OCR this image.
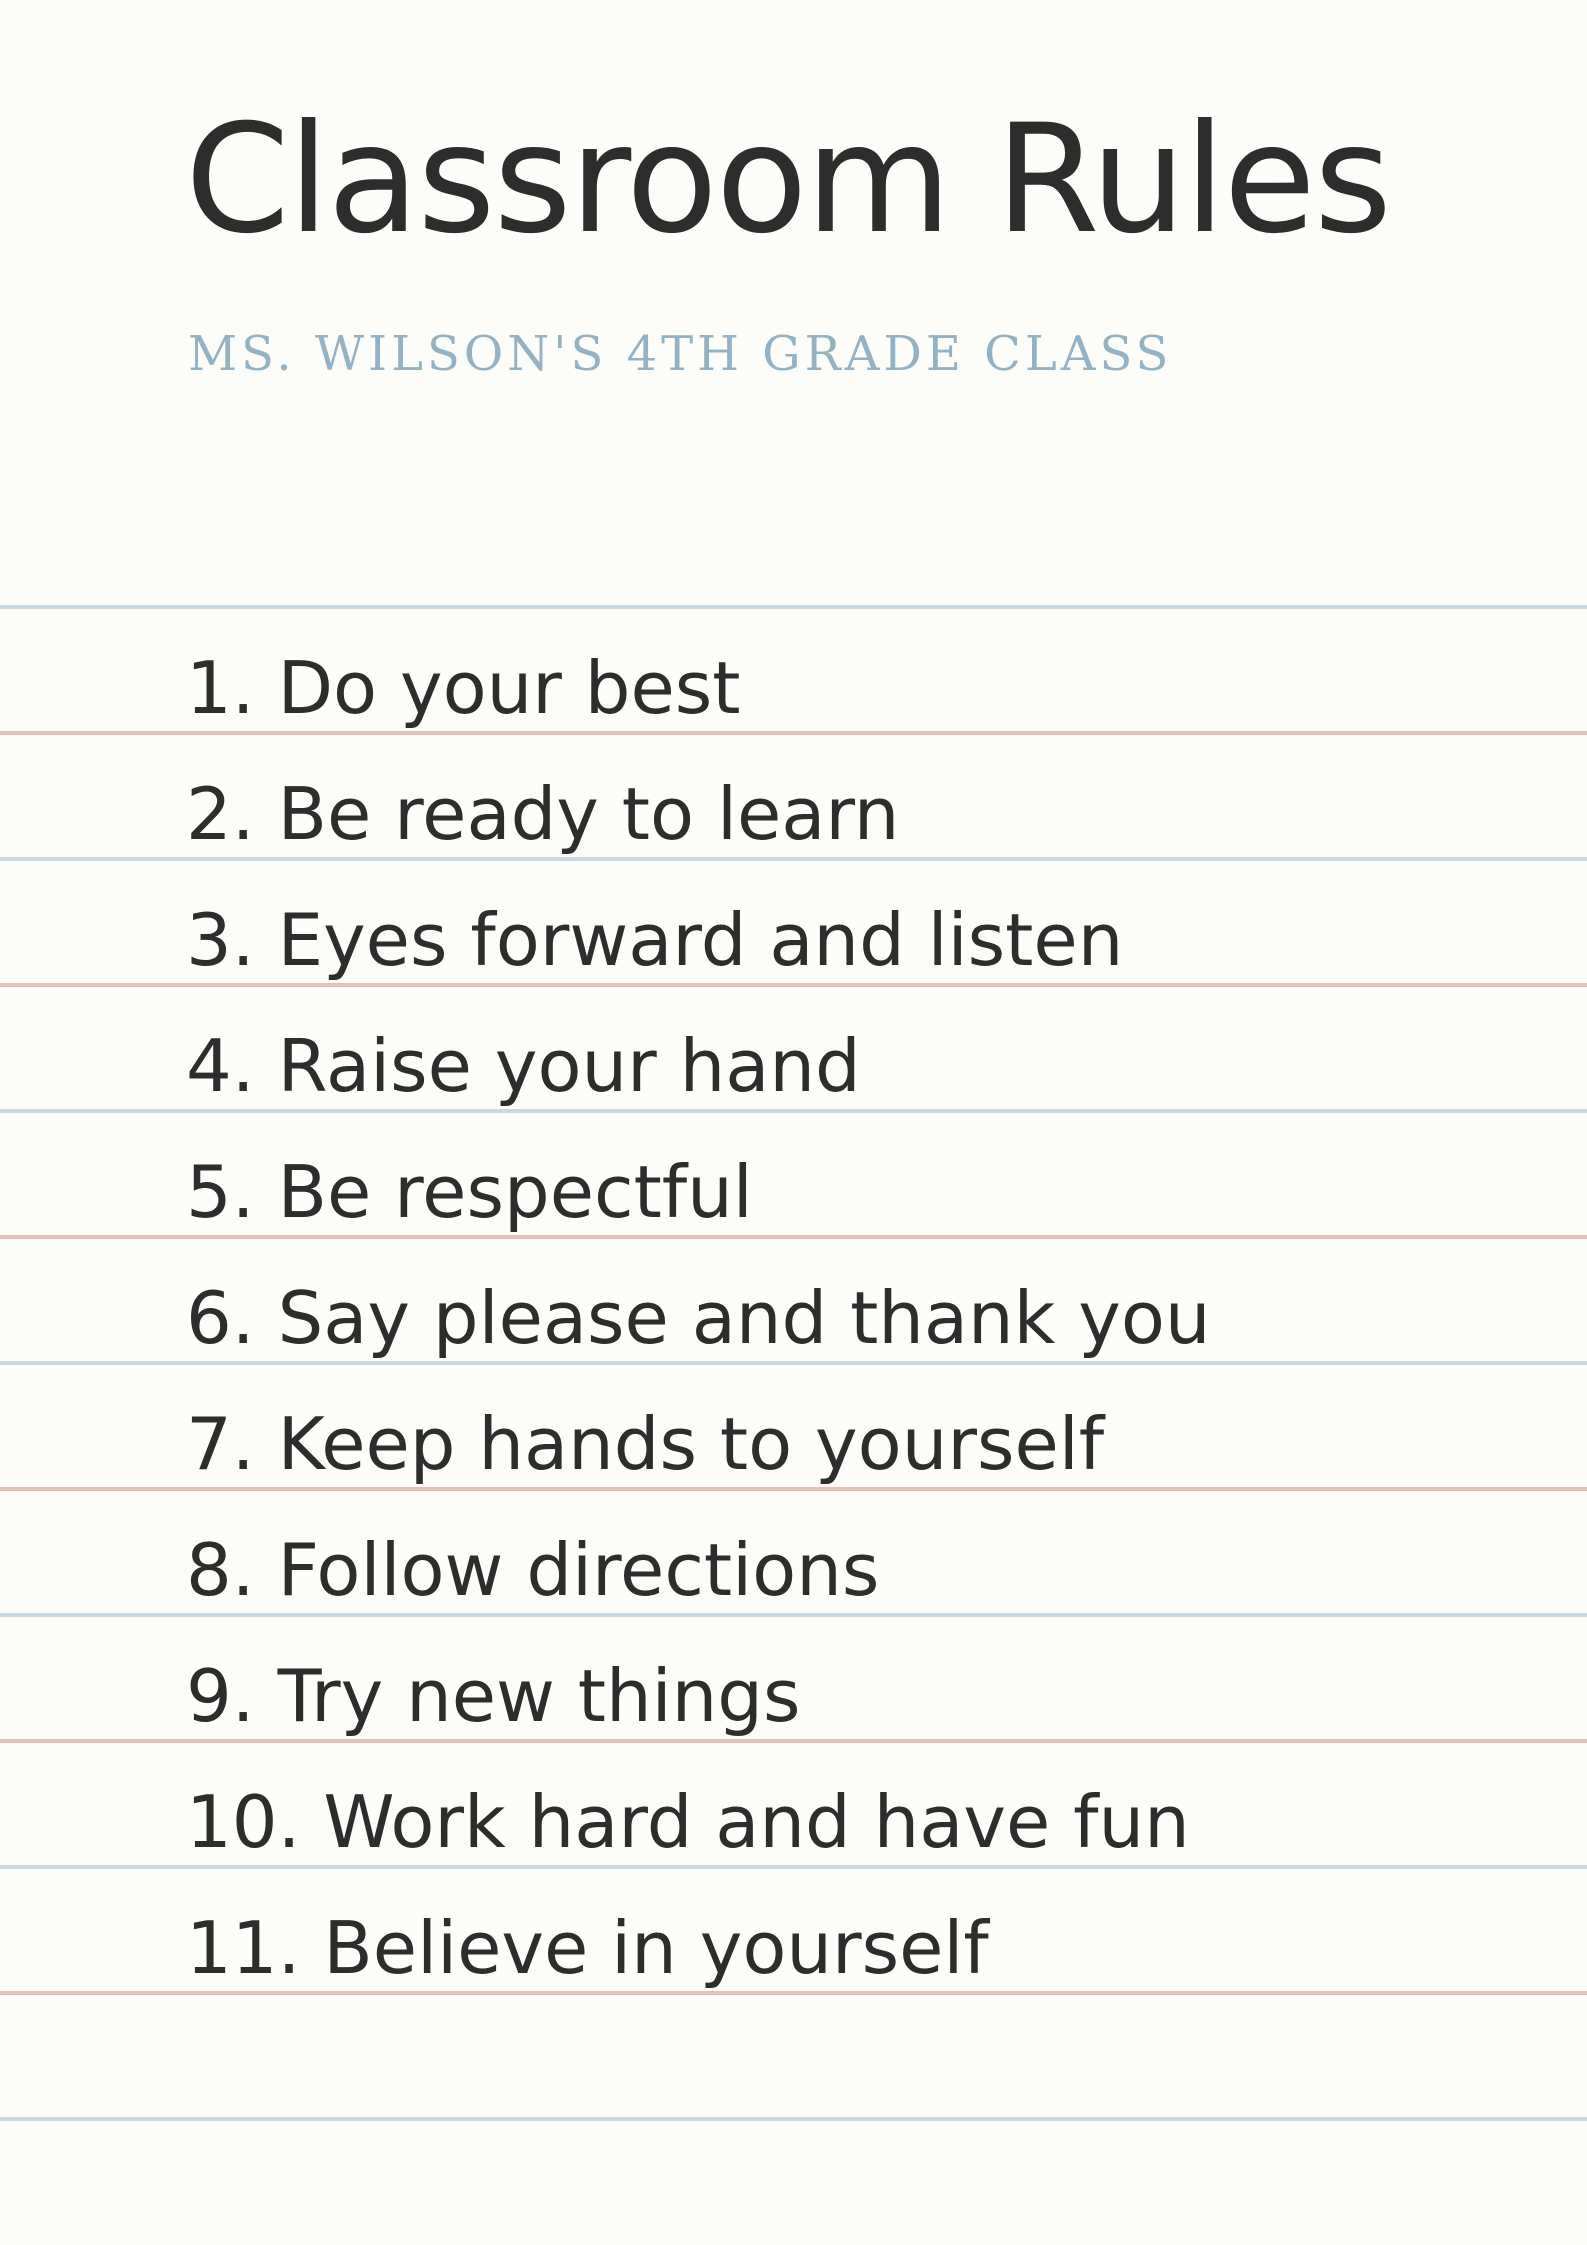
Classroom Rules

MS. WILSON'S 4TH GRADE CLASS

1. Do your best
2. Be ready to learn
3. Eyes forward and listen
4. Raise your hand
5. Be respectful
6. Say please and thank you
7. Keep hands to yourself
8. Follow directions
9. Try new things
10. Work hard and have fun
11. Believe in yourself
